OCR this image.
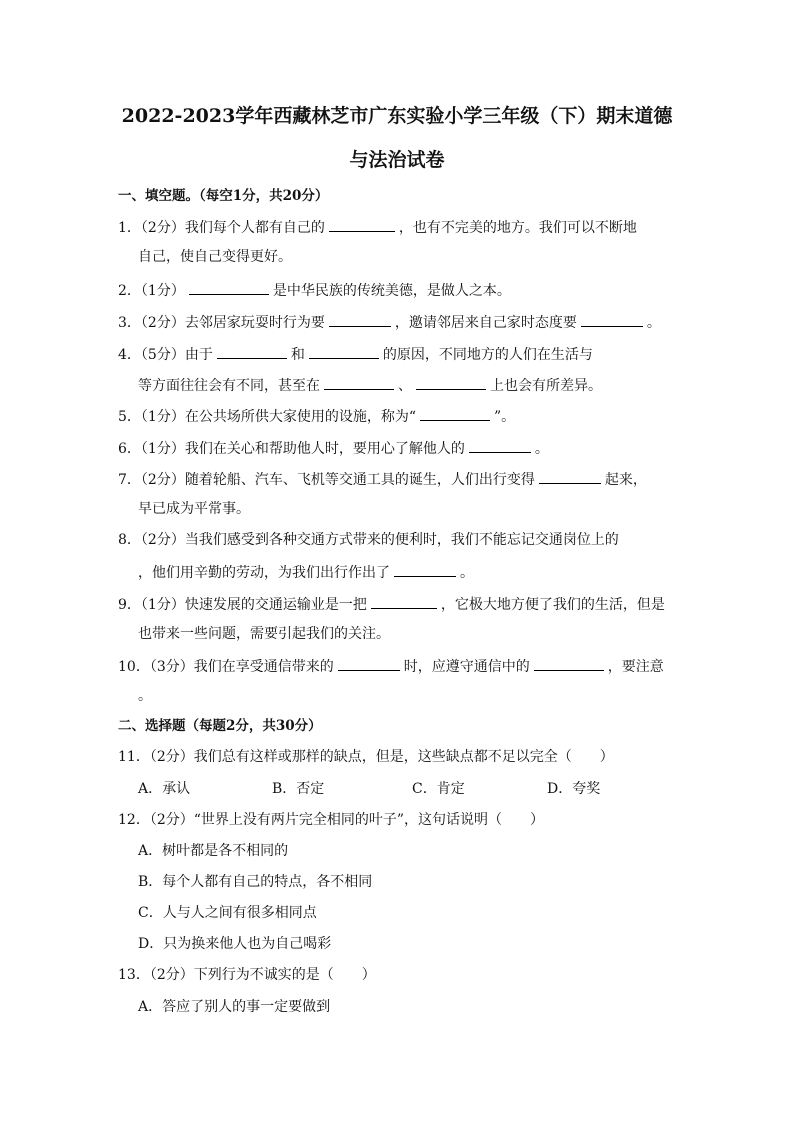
2022-2023学年西藏林芝市广东实验小学三年级（下）期末道德
与法治试卷
一、填空题。（每空1分，共20分）
1．（2分）我们每个人都有自己的	，也有不完美的地方。我们可以不断地
自己，使自己变得更好。
2．（1分）	是中华民族的传统美德，是做人之本。
3．（2分）去邻居家玩耍时行为要	，邀请邻居来自己家时态度要	。
4．（5分）由于	和	的原因，不同地方的人们在生活与
等方面往往会有不同，甚至在	、	上也会有所差异。
5．（1分）在公共场所供大家使用的设施，称为“	”。
6．（1分）我们在关心和帮助他人时，要用心了解他人的	。
7．（2分）随着轮船、汽车、飞机等交通工具的诞生，人们出行变得	起来，
早已成为平常事。
8．（2分）当我们感受到各种交通方式带来的便利时，我们不能忘记交通岗位上的
，他们用辛勤的劳动，为我们出行作出了	。
9．（1分）快速发展的交通运输业是一把	，它极大地方便了我们的生活，但是
也带来一些问题，需要引起我们的关注。
10．（3分）我们在享受通信带来的	时，应遵守通信中的	，要注意
。
二、选择题（每题2分，共30分）
11．（2分）我们总有这样或那样的缺点，但是，这些缺点都不足以完全（　　）
A．承认	B．否定	C．肯定	D．夸奖
12．（2分）“世界上没有两片完全相同的叶子”，这句话说明（　　）
A．树叶都是各不相同的
B．每个人都有自己的特点，各不相同
C．人与人之间有很多相同点
D．只为换来他人也为自己喝彩
13．（2分）下列行为不诚实的是（　　）
A．答应了别人的事一定要做到
